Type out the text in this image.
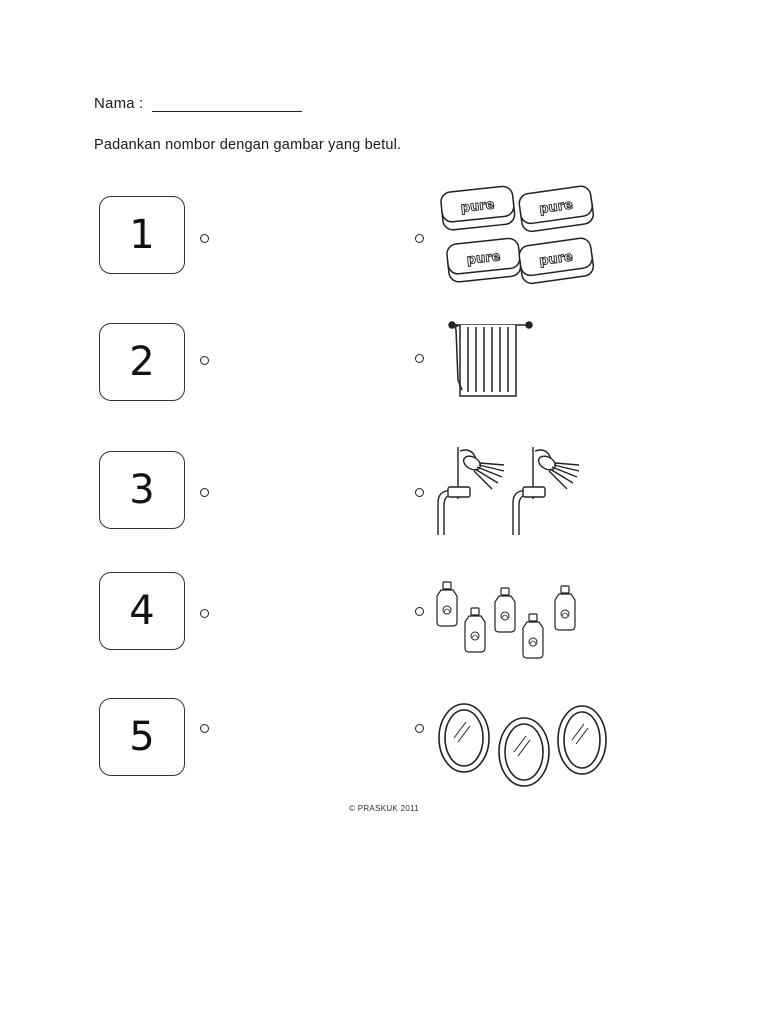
Nama :
Padankan nombor dengan gambar yang betul.
1
2
3
4
5
pure	pure
pure	pure
© PRASKUK 2011
